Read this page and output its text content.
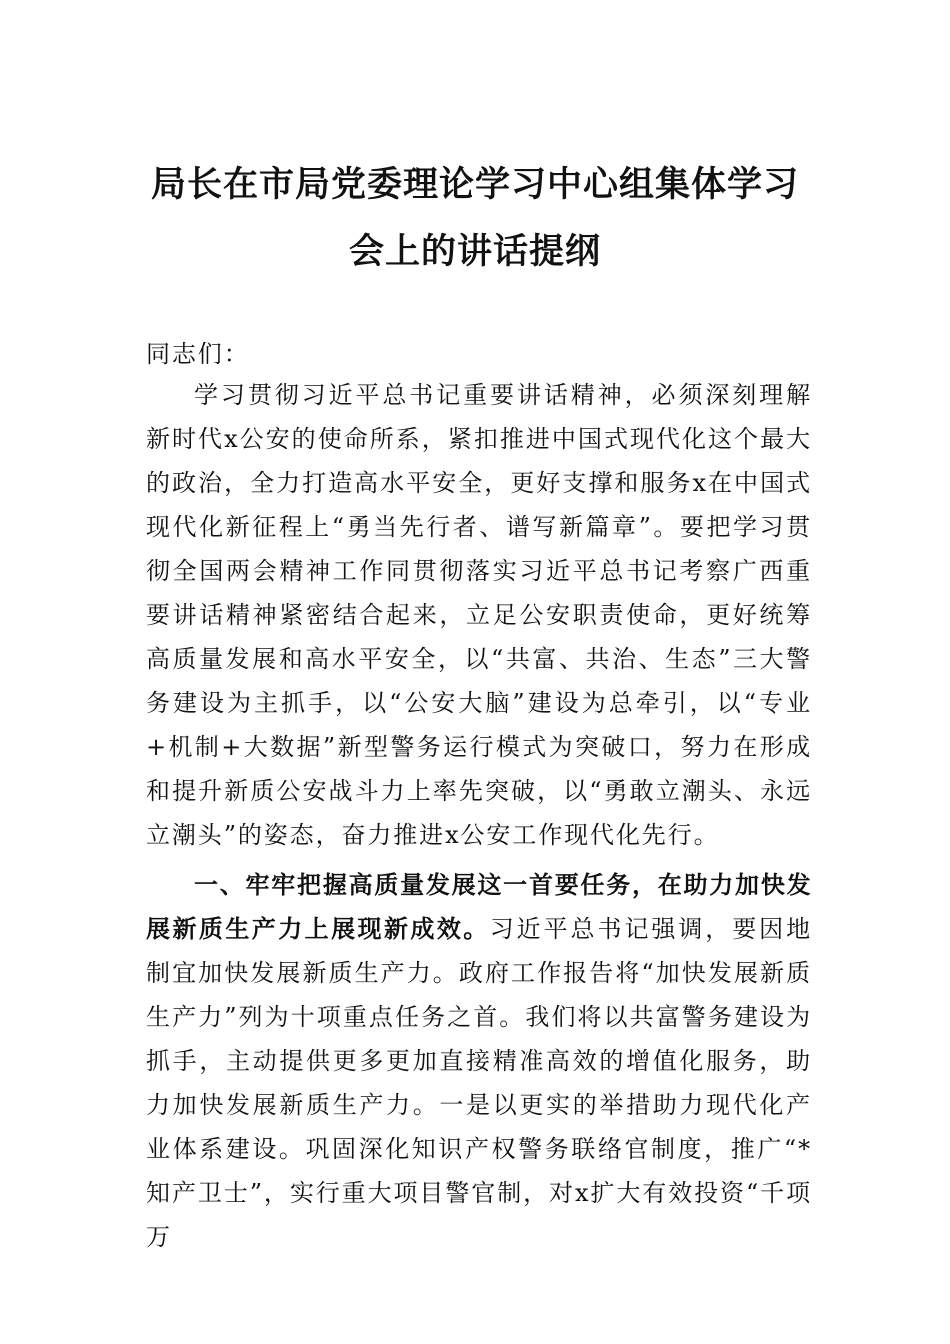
局长在市局党委理论学习中心组集体学习
会上的讲话提纲

同志们：

学习贯彻习近平总书记重要讲话精神，必须深刻理解新时代x公安的使命所系，紧扣推进中国式现代化这个最大的政治，全力打造高水平安全，更好支撑和服务x在中国式现代化新征程上“勇当先行者、谱写新篇章”。要把学习贯彻全国两会精神工作同贯彻落实习近平总书记考察广西重要讲话精神紧密结合起来，立足公安职责使命，更好统筹高质量发展和高水平安全，以“共富、共治、生态”三大警务建设为主抓手，以“公安大脑”建设为总牵引，以“专业+机制+大数据”新型警务运行模式为突破口，努力在形成和提升新质公安战斗力上率先突破，以“勇敢立潮头、永远立潮头”的姿态，奋力推进x公安工作现代化先行。

一、牢牢把握高质量发展这一首要任务，在助力加快发展新质生产力上展现新成效。习近平总书记强调，要因地制宜加快发展新质生产力。政府工作报告将“加快发展新质生产力”列为十项重点任务之首。我们将以共富警务建设为抓手，主动提供更多更加直接精准高效的增值化服务，助力加快发展新质生产力。一是以更实的举措助力现代化产业体系建设。巩固深化知识产权警务联络官制度，推广“*知产卫士”，实行重大项目警官制，对x扩大有效投资“千项万
